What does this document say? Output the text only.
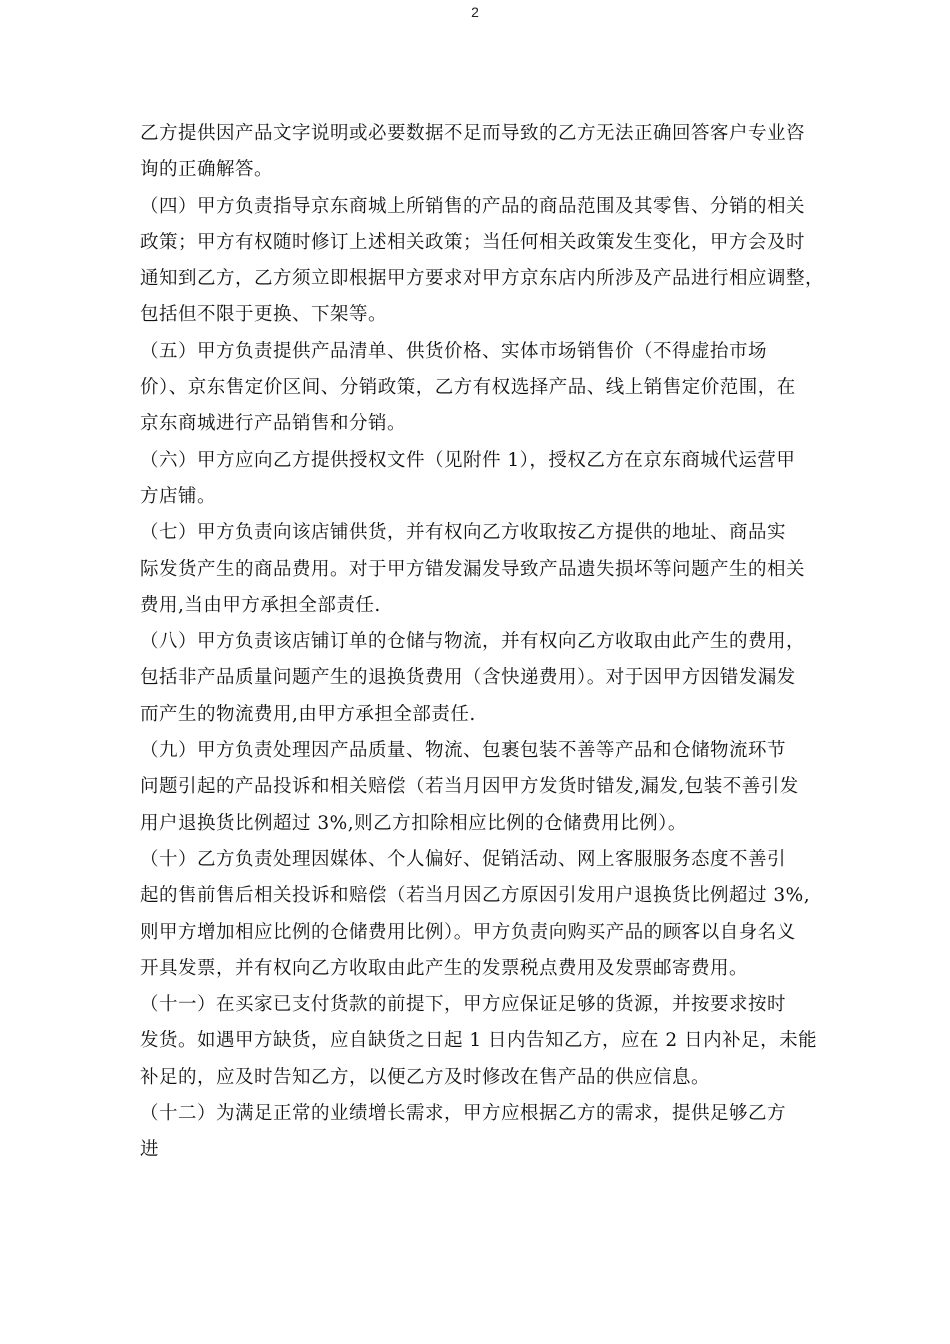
2

乙方提供因产品文字说明或必要数据不足而导致的乙方无法正确回答客户专业咨
询的正确解答。

（四）甲方负责指导京东商城上所销售的产品的商品范围及其零售、分销的相关
政策；甲方有权随时修订上述相关政策；当任何相关政策发生变化，甲方会及时
通知到乙方，乙方须立即根据甲方要求对甲方京东店内所涉及产品进行相应调整，
包括但不限于更换、下架等。

（五）甲方负责提供产品清单、供货价格、实体市场销售价（不得虚抬市场
价）、京东售定价区间、分销政策，乙方有权选择产品、线上销售定价范围，在
京东商城进行产品销售和分销。

（六）甲方应向乙方提供授权文件（见附件 1），授权乙方在京东商城代运营甲
方店铺。

（七）甲方负责向该店铺供货，并有权向乙方收取按乙方提供的地址、商品实
际发货产生的商品费用。对于甲方错发漏发导致产品遗失损坏等问题产生的相关
费用,当由甲方承担全部责任.

（八）甲方负责该店铺订单的仓储与物流，并有权向乙方收取由此产生的费用，
包括非产品质量问题产生的退换货费用（含快递费用）。对于因甲方因错发漏发
而产生的物流费用,由甲方承担全部责任.

（九）甲方负责处理因产品质量、物流、包裹包装不善等产品和仓储物流环节
问题引起的产品投诉和相关赔偿（若当月因甲方发货时错发,漏发,包装不善引发
用户退换货比例超过 3%,则乙方扣除相应比例的仓储费用比例）。

（十）乙方负责处理因媒体、个人偏好、促销活动、网上客服服务态度不善引
起的售前售后相关投诉和赔偿（若当月因乙方原因引发用户退换货比例超过 3%,
则甲方增加相应比例的仓储费用比例）。甲方负责向购买产品的顾客以自身名义
开具发票，并有权向乙方收取由此产生的发票税点费用及发票邮寄费用。

（十一）在买家已支付货款的前提下，甲方应保证足够的货源，并按要求按时
发货。如遇甲方缺货，应自缺货之日起 1 日内告知乙方，应在 2 日内补足，未能
补足的，应及时告知乙方，以便乙方及时修改在售产品的供应信息。

（十二）为满足正常的业绩增长需求，甲方应根据乙方的需求，提供足够乙方
进
